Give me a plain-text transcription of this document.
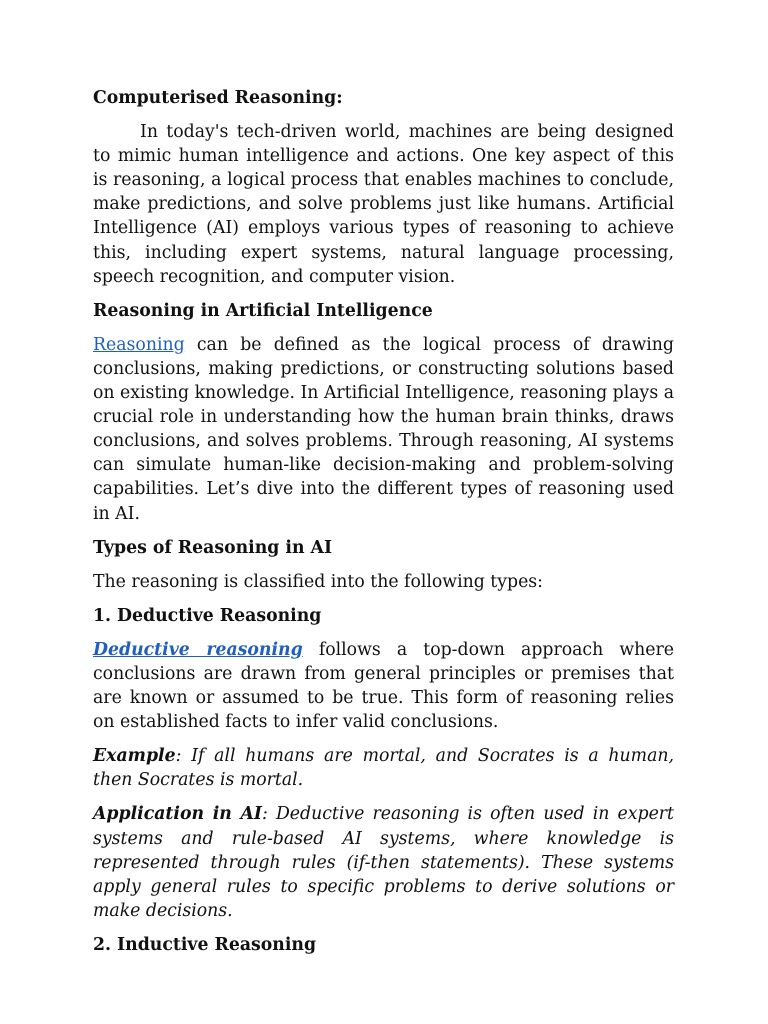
Computerised Reasoning:

In today's tech-driven world, machines are being designed to mimic human intelligence and actions. One key aspect of this is reasoning, a logical process that enables machines to conclude, make predictions, and solve problems just like humans. Artificial Intelligence (AI) employs various types of reasoning to achieve this, including expert systems, natural language processing, speech recognition, and computer vision.

Reasoning in Artificial Intelligence

Reasoning can be defined as the logical process of drawing conclusions, making predictions, or constructing solutions based on existing knowledge. In Artificial Intelligence, reasoning plays a crucial role in understanding how the human brain thinks, draws conclusions, and solves problems. Through reasoning, AI systems can simulate human-like decision-making and problem-solving capabilities. Let’s dive into the different types of reasoning used in AI.

Types of Reasoning in AI

The reasoning is classified into the following types:

1. Deductive Reasoning

Deductive reasoning follows a top-down approach where conclusions are drawn from general principles or premises that are known or assumed to be true. This form of reasoning relies on established facts to infer valid conclusions.

Example: If all humans are mortal, and Socrates is a human, then Socrates is mortal.

Application in AI: Deductive reasoning is often used in expert systems and rule-based AI systems, where knowledge is represented through rules (if-then statements). These systems apply general rules to specific problems to derive solutions or make decisions.

2. Inductive Reasoning
